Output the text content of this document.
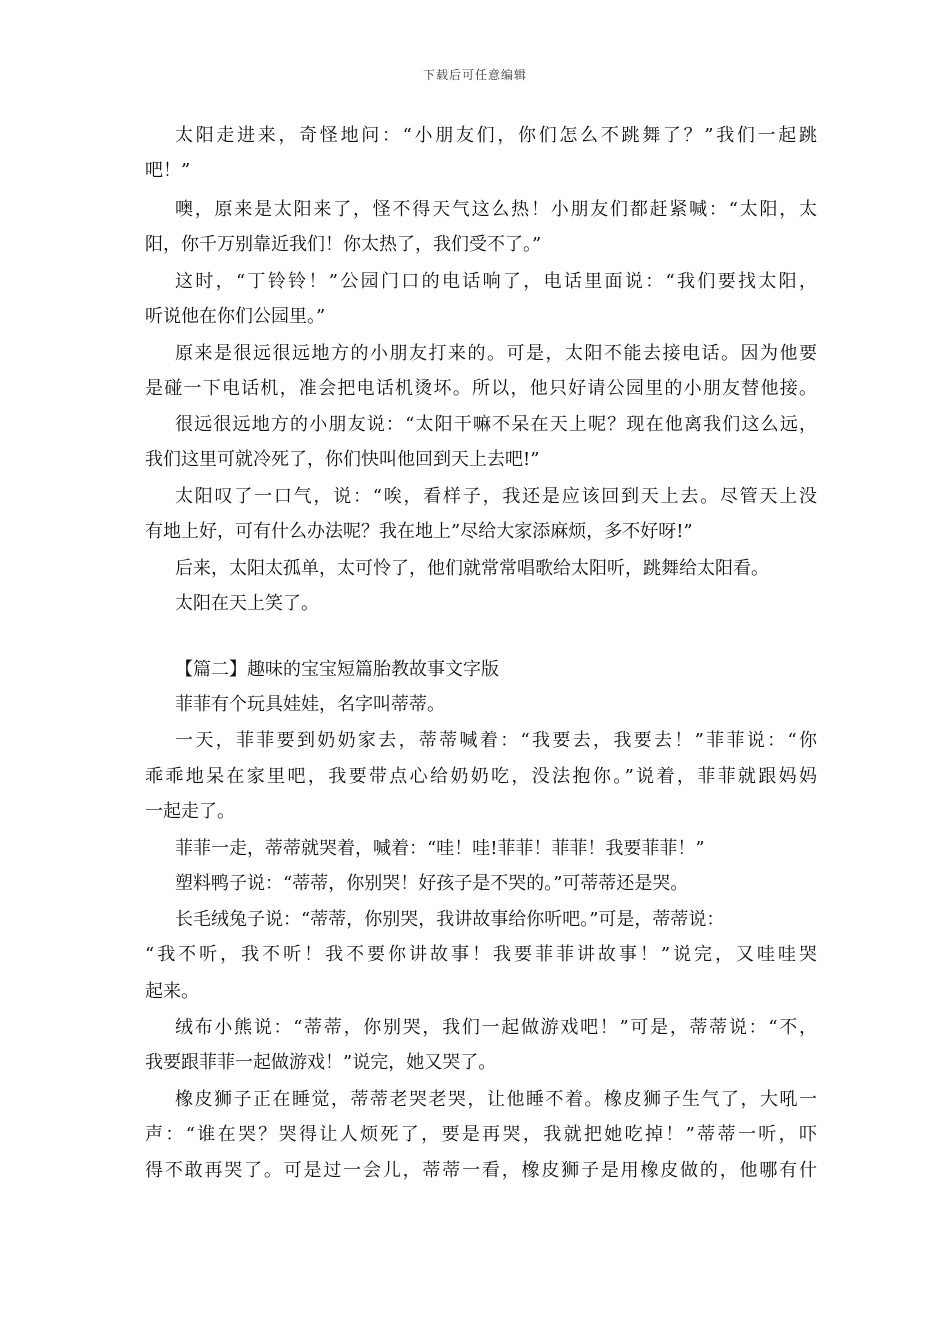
下载后可任意编辑
太阳走进来，奇怪地问：“小朋友们，你们怎么不跳舞了？”我们一起跳
吧！”
噢，原来是太阳来了，怪不得天气这么热！小朋友们都赶紧喊：“太阳，太
阳，你千万别靠近我们！你太热了，我们受不了。”
这时，“丁铃铃！”公园门口的电话响了，电话里面说：“我们要找太阳，
听说他在你们公园里。”
原来是很远很远地方的小朋友打来的。可是，太阳不能去接电话。因为他要
是碰一下电话机，准会把电话机烫坏。所以，他只好请公园里的小朋友替他接。
很远很远地方的小朋友说：“太阳干嘛不呆在天上呢？现在他离我们这么远，
我们这里可就冷死了，你们快叫他回到天上去吧!”
太阳叹了一口气，说：“唉，看样子，我还是应该回到天上去。尽管天上没
有地上好，可有什么办法呢？我在地上”尽给大家添麻烦，多不好呀!”
后来，太阳太孤单，太可怜了，他们就常常唱歌给太阳听，跳舞给太阳看。
太阳在天上笑了。
【篇二】趣味的宝宝短篇胎教故事文字版
菲菲有个玩具娃娃，名字叫蒂蒂。
一天，菲菲要到奶奶家去，蒂蒂喊着：“我要去，我要去！”菲菲说：“你
乖乖地呆在家里吧，我要带点心给奶奶吃，没法抱你。”说着，菲菲就跟妈妈
一起走了。
菲菲一走，蒂蒂就哭着，喊着：“哇！哇!菲菲！菲菲！我要菲菲！”
塑料鸭子说：“蒂蒂，你别哭！好孩子是不哭的。”可蒂蒂还是哭。
长毛绒兔子说：“蒂蒂，你别哭，我讲故事给你听吧。”可是，蒂蒂说：
“我不听，我不听！我不要你讲故事！我要菲菲讲故事！”说完，又哇哇哭
起来。
绒布小熊说：“蒂蒂，你别哭，我们一起做游戏吧！”可是，蒂蒂说：“不，
我要跟菲菲一起做游戏！”说完，她又哭了。
橡皮狮子正在睡觉，蒂蒂老哭老哭，让他睡不着。橡皮狮子生气了，大吼一
声：“谁在哭？哭得让人烦死了，要是再哭，我就把她吃掉！”蒂蒂一听，吓
得不敢再哭了。可是过一会儿，蒂蒂一看，橡皮狮子是用橡皮做的，他哪有什
